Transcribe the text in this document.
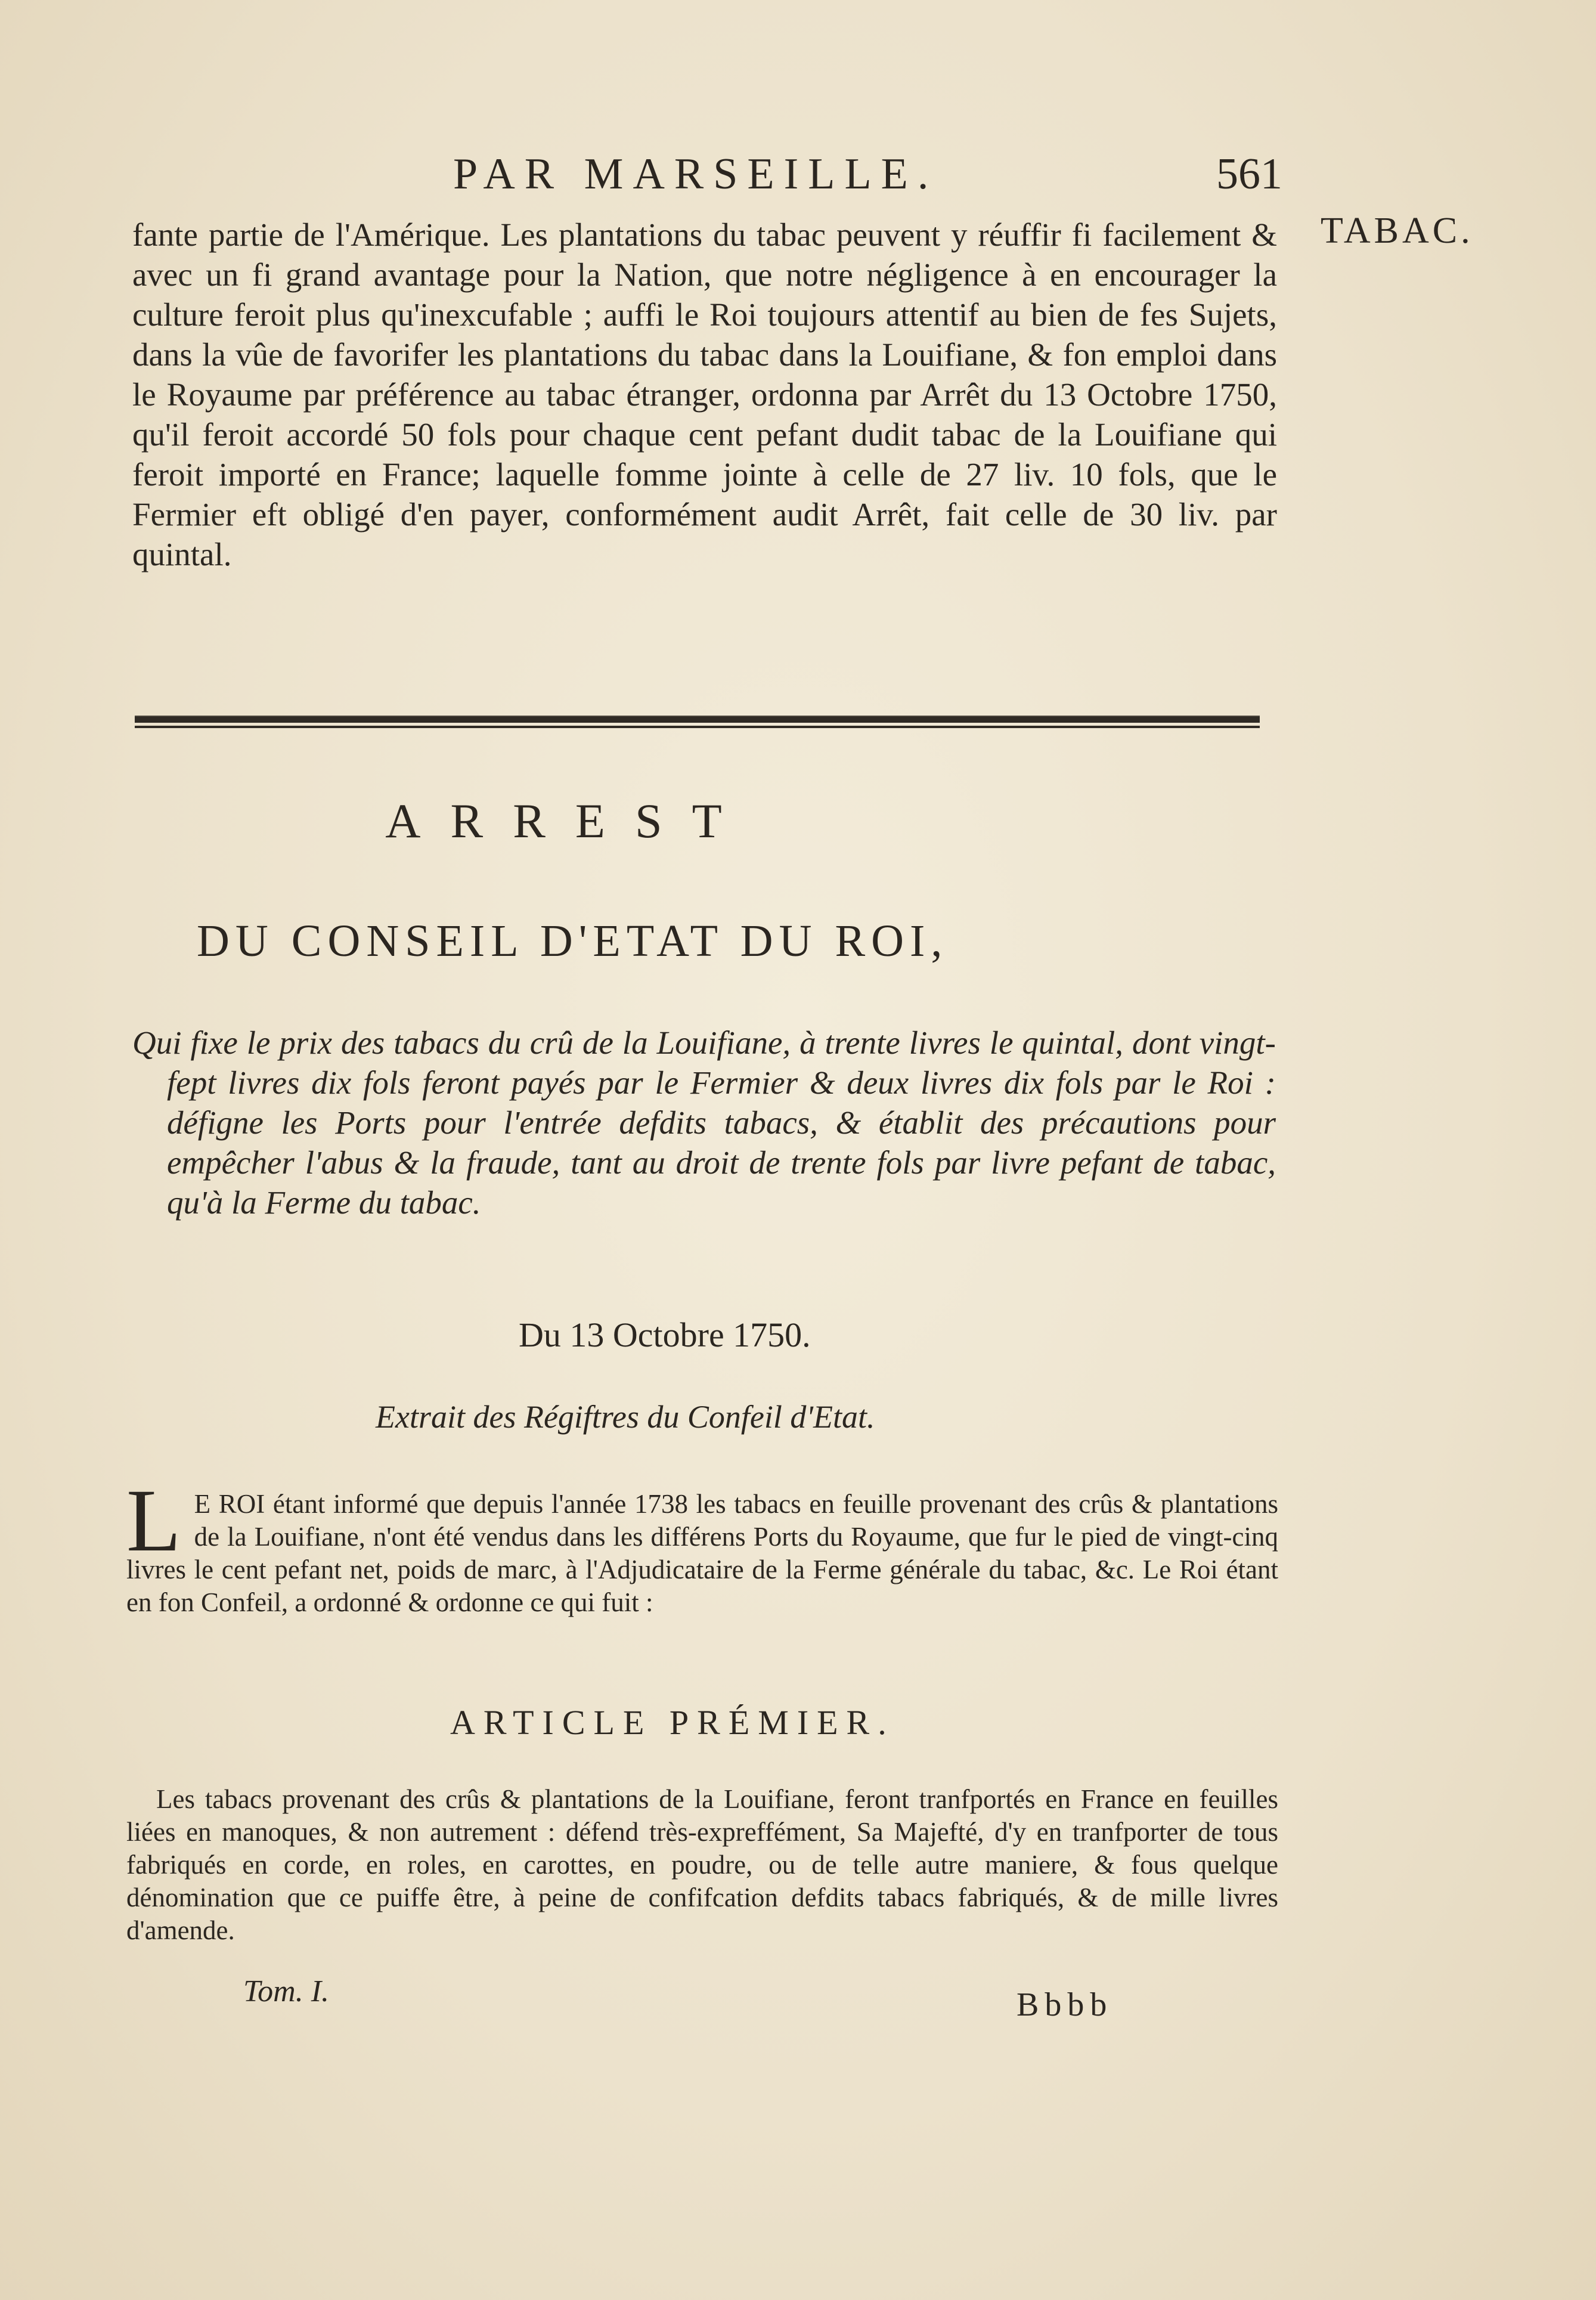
PAR MARSEILLE.	561
TABAC.

fante partie de l'Amérique. Les plantations du tabac peuvent y réuffir fi facilement & avec un fi grand avantage pour la Nation, que notre négligence à en encourager la culture feroit plus qu'inexcufable ; auffi le Roi toujours attentif au bien de fes Sujets, dans la vûe de favorifer les plantations du tabac dans la Louifiane, & fon emploi dans le Royaume par préférence au tabac étranger, ordonna par Arrêt du 13 Octobre 1750, qu'il feroit accordé 50 fols pour chaque cent pefant dudit tabac de la Louifiane qui feroit importé en France; laquelle fomme jointe à celle de 27 liv. 10 fols, que le Fermier eft obligé d'en payer, conformément audit Arrêt, fait celle de 30 liv. par quintal.

ARREST
DU CONSEIL D'ETAT DU ROI,
Qui fixe le prix des tabacs du crû de la Louifiane, à trente livres le quintal, dont vingt-fept livres dix fols feront payés par le Fermier & deux livres dix fols par le Roi : défigne les Ports pour l'entrée defdits tabacs, & établit des précautions pour empêcher l'abus & la fraude, tant au droit de trente fols par livre pefant de tabac, qu'à la Ferme du tabac.
Du 13 Octobre 1750.
Extrait des Régiftres du Confeil d'Etat.
L E ROI étant informé que depuis l'année 1738 les tabacs en feuille provenant des crûs & plantations de la Louifiane, n'ont été vendus dans les différens Ports du Royaume, que fur le pied de vingt-cinq livres le cent pefant net, poids de marc, à l'Adjudicataire de la Ferme générale du tabac, &c. Le Roi étant en fon Confeil, a ordonné & ordonne ce qui fuit :
ARTICLE PRÉMIER.
Les tabacs provenant des crûs & plantations de la Louifiane, feront tranfportés en France en feuilles liées en manoques, & non autrement : défend très-expreffément, Sa Majefté, d'y en tranfporter de tous fabriqués en corde, en roles, en carottes, en poudre, ou de telle autre maniere, & fous quelque dénomination que ce puiffe être, à peine de confifcation defdits tabacs fabriqués, & de mille livres d'amende.
Tom. I.	Bbbb
